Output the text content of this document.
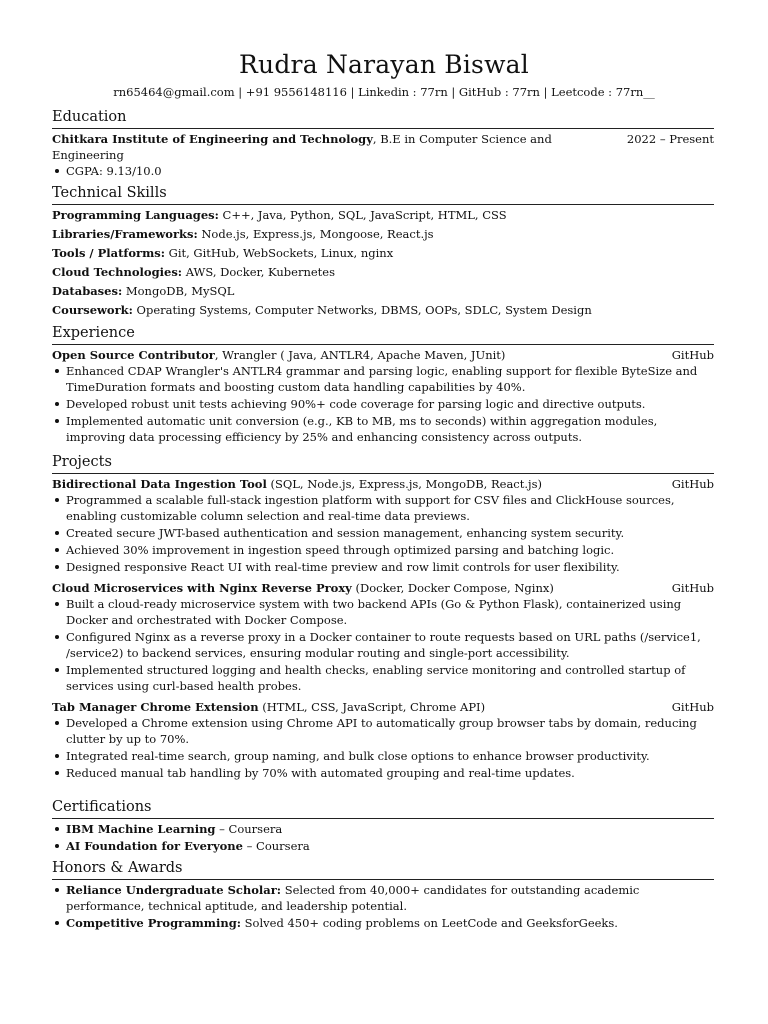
Rudra Narayan Biswal
rn65464@gmail.com | +91 9556148116 | Linkedin : 77rn | GitHub : 77rn | Leetcode : 77rn__
Education
Chitkara Institute of Engineering and Technology, B.E in Computer Science and	2022 – Present
Engineering
CGPA: 9.13/10.0
Technical Skills
Programming Languages: C++, Java, Python, SQL, JavaScript, HTML, CSS
Libraries/Frameworks: Node.js, Express.js, Mongoose, React.js
Tools / Platforms: Git, GitHub, WebSockets, Linux, nginx
Cloud Technologies: AWS, Docker, Kubernetes
Databases: MongoDB, MySQL
Coursework: Operating Systems, Computer Networks, DBMS, OOPs, SDLC, System Design
Experience
Open Source Contributor, Wrangler ( Java, ANTLR4, Apache Maven, JUnit)	GitHub
Enhanced CDAP Wrangler's ANTLR4 grammar and parsing logic, enabling support for flexible ByteSize and TimeDuration formats and boosting custom data handling capabilities by 40%.
Developed robust unit tests achieving 90%+ code coverage for parsing logic and directive outputs.
Implemented automatic unit conversion (e.g., KB to MB, ms to seconds) within aggregation modules, improving data processing efficiency by 25% and enhancing consistency across outputs.
Projects
Bidirectional Data Ingestion Tool (SQL, Node.js, Express.js, MongoDB, React.js)	GitHub
Programmed a scalable full-stack ingestion platform with support for CSV files and ClickHouse sources, enabling customizable column selection and real-time data previews.
Created secure JWT-based authentication and session management, enhancing system security.
Achieved 30% improvement in ingestion speed through optimized parsing and batching logic.
Designed responsive React UI with real-time preview and row limit controls for user flexibility.
Cloud Microservices with Nginx Reverse Proxy (Docker, Docker Compose, Nginx)	GitHub
Built a cloud-ready microservice system with two backend APIs (Go & Python Flask), containerized using Docker and orchestrated with Docker Compose.
Configured Nginx as a reverse proxy in a Docker container to route requests based on URL paths (/service1, /service2) to backend services, ensuring modular routing and single-port accessibility.
Implemented structured logging and health checks, enabling service monitoring and controlled startup of services using curl-based health probes.
Tab Manager Chrome Extension (HTML, CSS, JavaScript, Chrome API)	GitHub
Developed a Chrome extension using Chrome API to automatically group browser tabs by domain, reducing clutter by up to 70%.
Integrated real-time search, group naming, and bulk close options to enhance browser productivity.
Reduced manual tab handling by 70% with automated grouping and real-time updates.
Certifications
IBM Machine Learning – Coursera
AI Foundation for Everyone – Coursera
Honors & Awards
Reliance Undergraduate Scholar: Selected from 40,000+ candidates for outstanding academic performance, technical aptitude, and leadership potential.
Competitive Programming: Solved 450+ coding problems on LeetCode and GeeksforGeeks.
